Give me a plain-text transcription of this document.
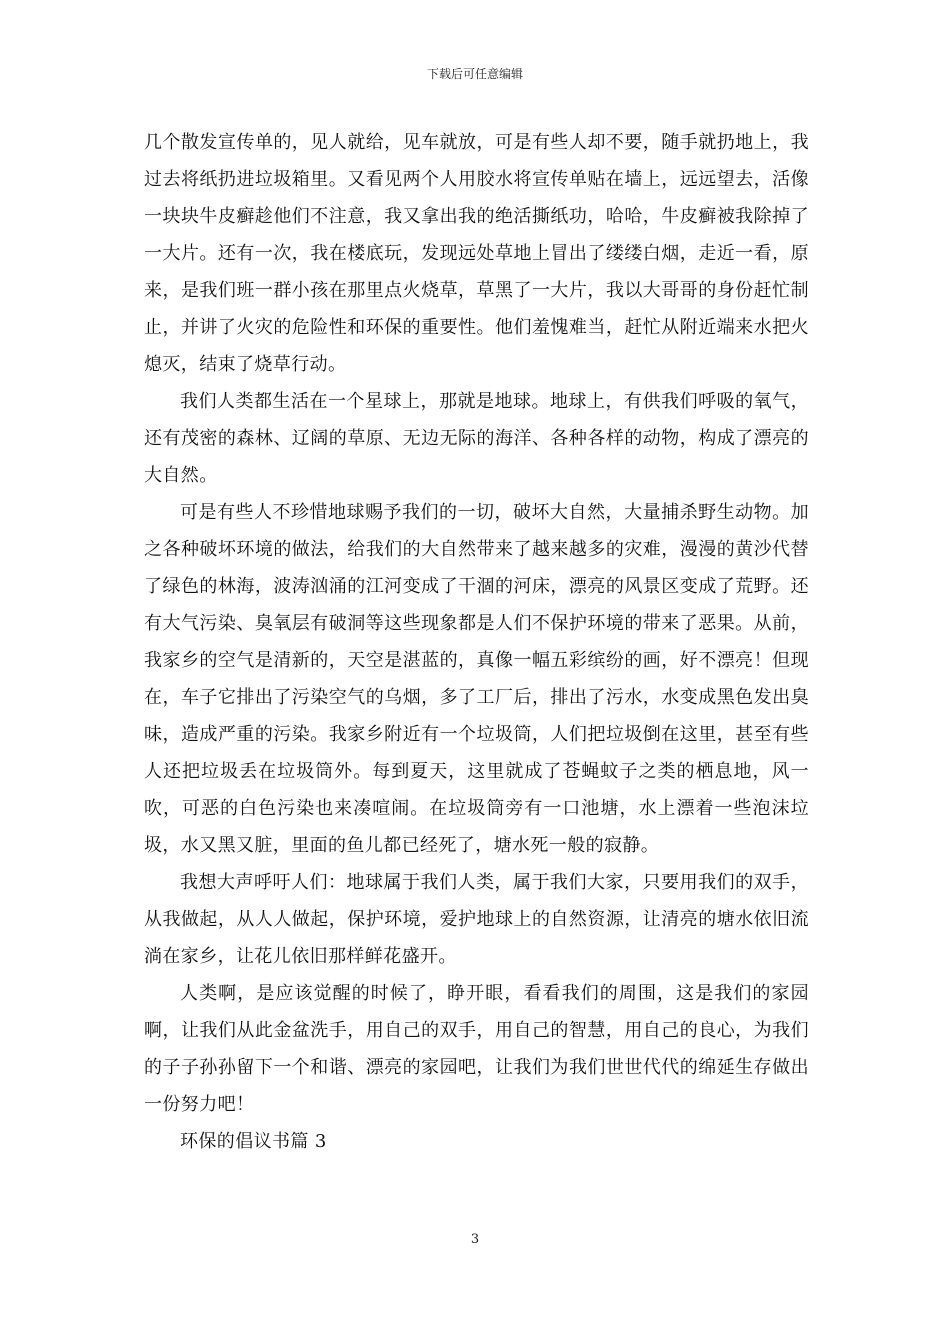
下载后可任意编辑

几个散发宣传单的，见人就给，见车就放，可是有些人却不要，随手就扔地上，我过去将纸扔进垃圾箱里。又看见两个人用胶水将宣传单贴在墙上，远远望去，活像一块块牛皮癣趁他们不注意，我又拿出我的绝活撕纸功，哈哈，牛皮癣被我除掉了一大片。还有一次，我在楼底玩，发现远处草地上冒出了缕缕白烟，走近一看，原来，是我们班一群小孩在那里点火烧草，草黑了一大片，我以大哥哥的身份赶忙制止，并讲了火灾的危险性和环保的重要性。他们羞愧难当，赶忙从附近端来水把火熄灭，结束了烧草行动。

我们人类都生活在一个星球上，那就是地球。地球上，有供我们呼吸的氧气，还有茂密的森林、辽阔的草原、无边无际的海洋、各种各样的动物，构成了漂亮的大自然。

可是有些人不珍惜地球赐予我们的一切，破坏大自然，大量捕杀野生动物。加之各种破坏环境的做法，给我们的大自然带来了越来越多的灾难，漫漫的黄沙代替了绿色的林海，波涛汹涌的江河变成了干涸的河床，漂亮的风景区变成了荒野。还有大气污染、臭氧层有破洞等这些现象都是人们不保护环境的带来了恶果。从前，我家乡的空气是清新的，天空是湛蓝的，真像一幅五彩缤纷的画，好不漂亮！但现在，车子它排出了污染空气的乌烟，多了工厂后，排出了污水，水变成黑色发出臭味，造成严重的污染。我家乡附近有一个垃圾筒，人们把垃圾倒在这里，甚至有些人还把垃圾丢在垃圾筒外。每到夏天，这里就成了苍蝇蚊子之类的栖息地，风一吹，可恶的白色污染也来凑喧闹。在垃圾筒旁有一口池塘，水上漂着一些泡沫垃圾，水又黑又脏，里面的鱼儿都已经死了，塘水死一般的寂静。

我想大声呼吁人们：地球属于我们人类，属于我们大家，只要用我们的双手，从我做起，从人人做起，保护环境，爱护地球上的自然资源，让清亮的塘水依旧流淌在家乡，让花儿依旧那样鲜花盛开。

人类啊，是应该觉醒的时候了，睁开眼，看看我们的周围，这是我们的家园啊，让我们从此金盆洗手，用自己的双手，用自己的智慧，用自己的良心，为我们的子子孙孙留下一个和谐、漂亮的家园吧，让我们为我们世世代代的绵延生存做出一份努力吧！

环保的倡议书篇 3

3
